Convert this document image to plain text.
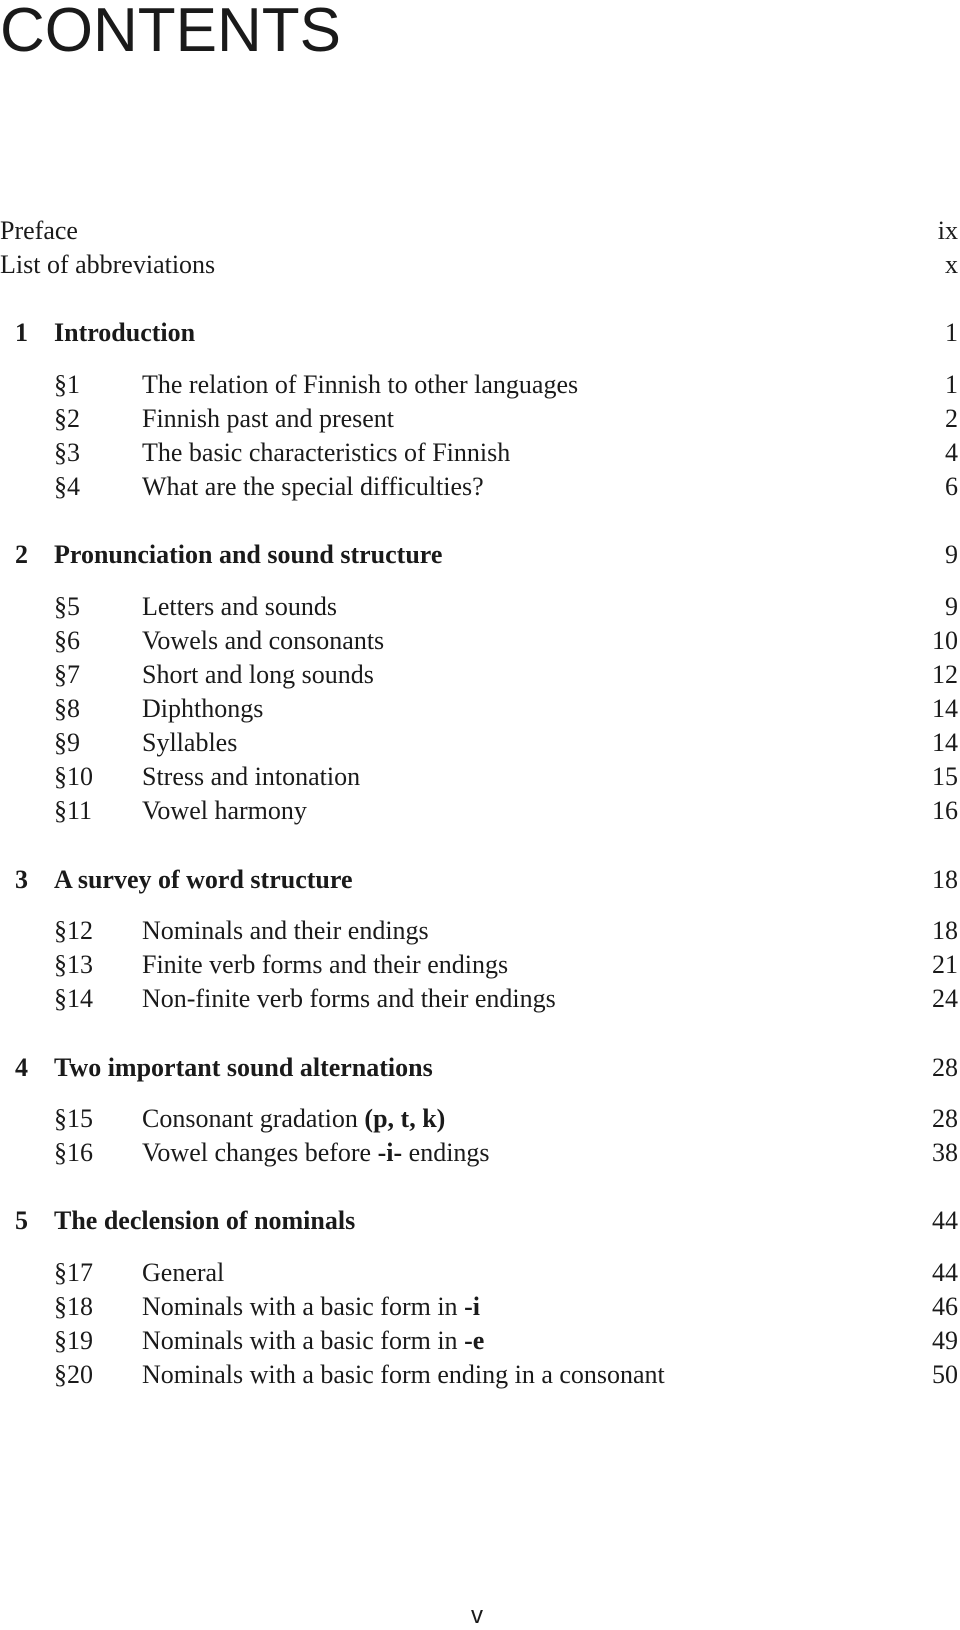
CONTENTS
Preface	ix
List of abbreviations	x
1 Introduction	1
§1 The relation of Finnish to other languages	1
§2 Finnish past and present	2
§3 The basic characteristics of Finnish	4
§4 What are the special difficulties?	6
2 Pronunciation and sound structure	9
§5 Letters and sounds	9
§6 Vowels and consonants	10
§7 Short and long sounds	12
§8 Diphthongs	14
§9 Syllables	14
§10 Stress and intonation	15
§11 Vowel harmony	16
3 A survey of word structure	18
§12 Nominals and their endings	18
§13 Finite verb forms and their endings	21
§14 Non-finite verb forms and their endings	24
4 Two important sound alternations	28
§15 Consonant gradation (p, t, k)	28
§16 Vowel changes before -i- endings	38
5 The declension of nominals	44
§17 General	44
§18 Nominals with a basic form in -i	46
§19 Nominals with a basic form in -e	49
§20 Nominals with a basic form ending in a consonant	50
v
